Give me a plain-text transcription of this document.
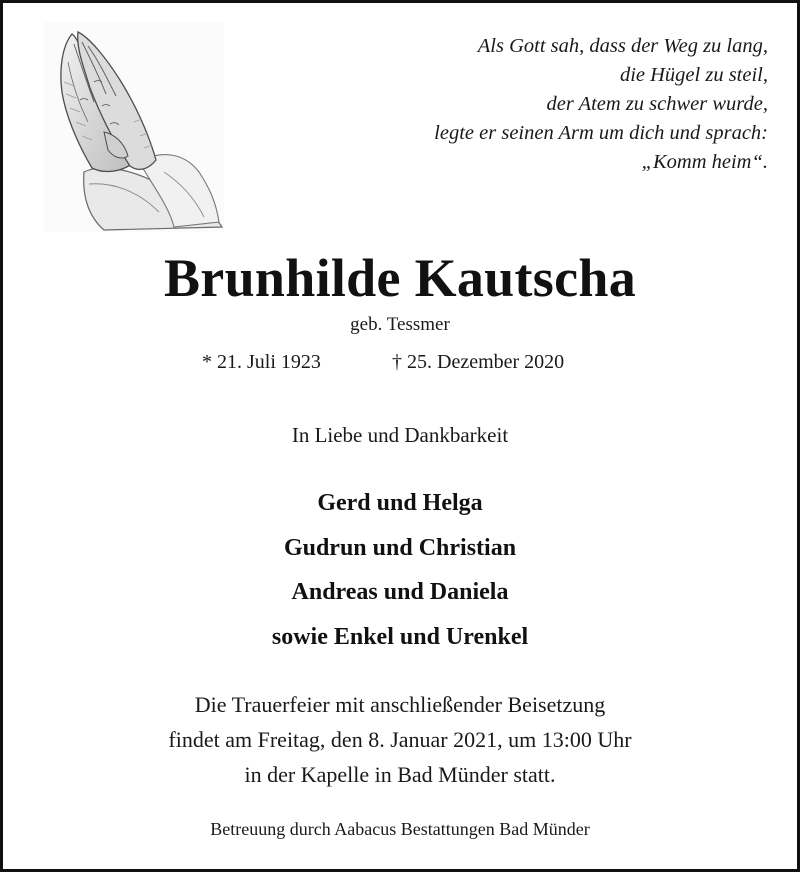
Als Gott sah, dass der Weg zu lang,
die Hügel zu steil,
der Atem zu schwer wurde,
legte er seinen Arm um dich und sprach:
„Komm heim“.
Brunhilde Kautscha
geb. Tessmer
* 21. Juli 1923	† 25. Dezember 2020
In Liebe und Dankbarkeit
Gerd und Helga
Gudrun und Christian
Andreas und Daniela
sowie Enkel und Urenkel
Die Trauerfeier mit anschließender Beisetzung
findet am Freitag, den 8. Januar 2021, um 13:00 Uhr
in der Kapelle in Bad Münder statt.
Betreuung durch Aabacus Bestattungen Bad Münder
